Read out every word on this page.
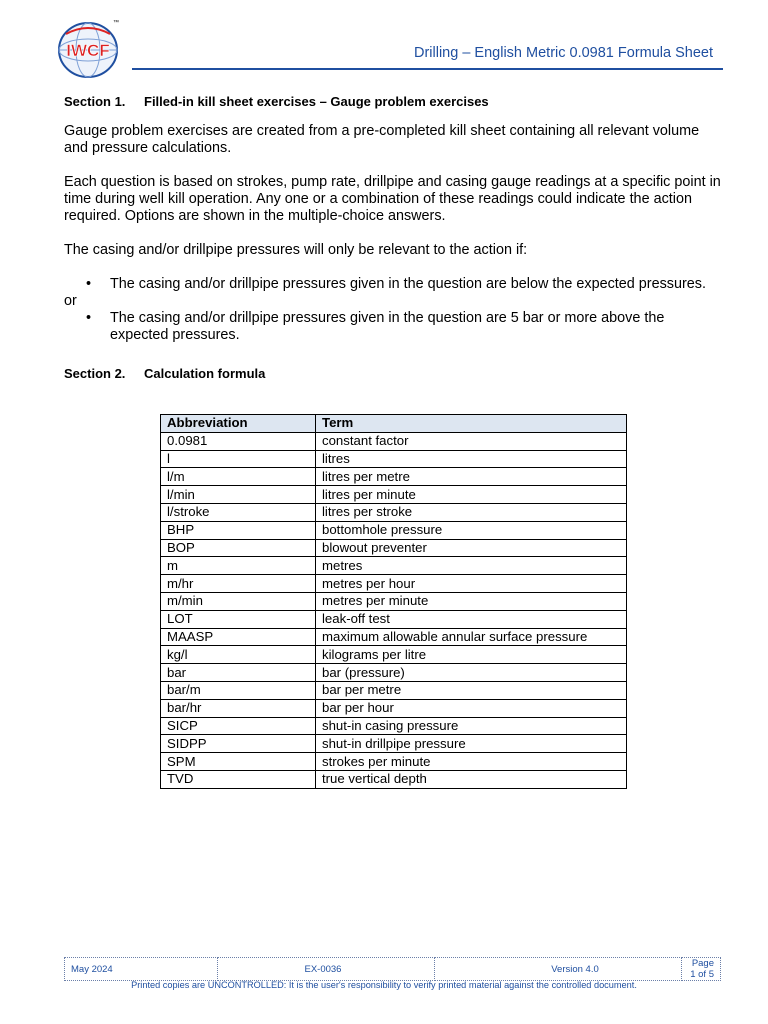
IWCF
™
Drilling – English Metric 0.0981 Formula Sheet

Section 1. Filled-in kill sheet exercises – Gauge problem exercises

Gauge problem exercises are created from a pre-completed kill sheet containing all relevant volume and pressure calculations.

Each question is based on strokes, pump rate, drillpipe and casing gauge readings at a specific point in time during well kill operation. Any one or a combination of these readings could indicate the action required. Options are shown in the multiple-choice answers.

The casing and/or drillpipe pressures will only be relevant to the action if:

• The casing and/or drillpipe pressures given in the question are below the expected pressures.

or

• The casing and/or drillpipe pressures given in the question are 5 bar or more above the expected pressures.

Section 2. Calculation formula

Abbreviation	Term
0.0981	constant factor
l	litres
l/m	litres per metre
l/min	litres per minute
l/stroke	litres per stroke
BHP	bottomhole pressure
BOP	blowout preventer
m	metres
m/hr	metres per hour
m/min	metres per minute
LOT	leak-off test
MAASP	maximum allowable annular surface pressure
kg/l	kilograms per litre
bar	bar (pressure)
bar/m	bar per metre
bar/hr	bar per hour
SICP	shut-in casing pressure
SIDPP	shut-in drillpipe pressure
SPM	strokes per minute
TVD	true vertical depth
May 2024	EX-0036	Version 4.0	Page 1 of 5
Printed copies are UNCONTROLLED: It is the user's responsibility to verify printed material against the controlled document.
